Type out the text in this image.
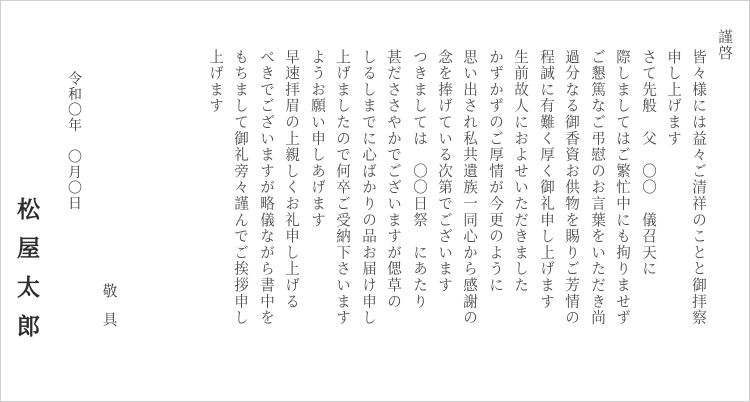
謹啓
皆々様には益々ご清祥のことと御拝察
申し上げます
さて先般　父　〇〇　儀召天に
際しましてはご繁忙中にも拘りませず
ご懇篤なご弔慰のお言葉をいただき尚
過分なる御香資お供物を賜りご芳情の
程誠に有難く厚く御礼申し上げます
生前故人におよせいただきました
かずかずのご厚情が今更のように
思い出され私共遺族一同心から感謝の
念を捧げている次第でございます
つきましては　〇〇日祭　にあたり
甚だささやかでございますが偲草の
しるしまでに心ばかりの品お届け申し
上げましたので何卒ご受納下さいます
ようお願い申しあげます
早速拝眉の上親しくお礼申し上げる
べきでございますが略儀ながら書中を
もちまして御礼旁々謹んでご挨拶申し
上げます
敬具
令和〇年　〇月〇日
松屋太郎
